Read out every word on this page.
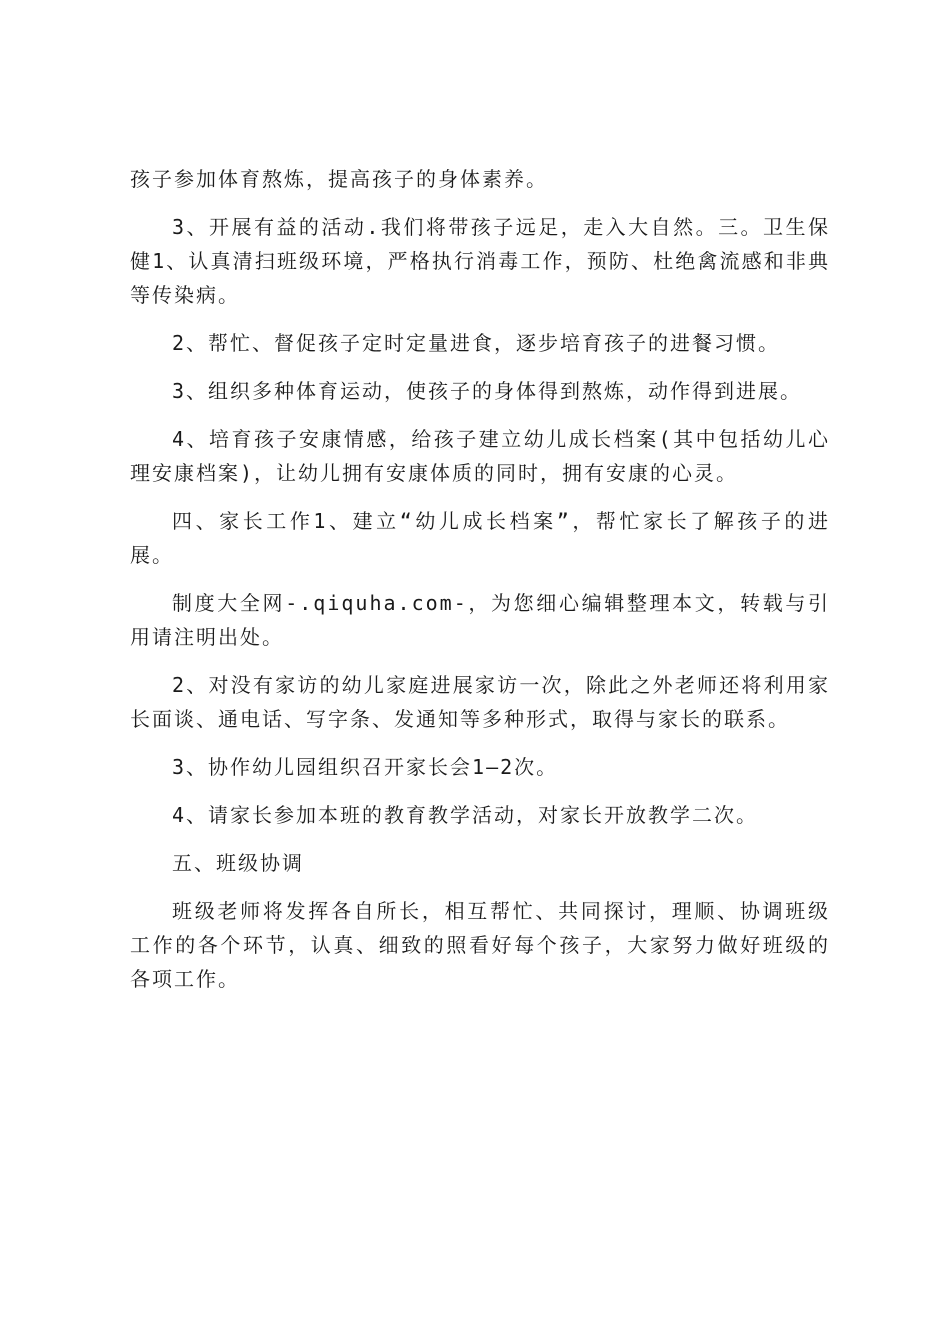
孩子参加体育熬炼，提高孩子的身体素养。

3、开展有益的活动.我们将带孩子远足，走入大自然。三。卫生保健1、认真清扫班级环境，严格执行消毒工作，预防、杜绝禽流感和非典等传染病。

2、帮忙、督促孩子定时定量进食，逐步培育孩子的进餐习惯。

3、组织多种体育运动，使孩子的身体得到熬炼，动作得到进展。

4、培育孩子安康情感，给孩子建立幼儿成长档案(其中包括幼儿心理安康档案)，让幼儿拥有安康体质的同时，拥有安康的心灵。

四、家长工作1、建立“幼儿成长档案”，帮忙家长了解孩子的进展。

制度大全网-.qiquha.com-，为您细心编辑整理本文，转载与引用请注明出处。

2、对没有家访的幼儿家庭进展家访一次，除此之外老师还将利用家长面谈、通电话、写字条、发通知等多种形式，取得与家长的联系。

3、协作幼儿园组织召开家长会1—2次。

4、请家长参加本班的教育教学活动，对家长开放教学二次。

五、班级协调

班级老师将发挥各自所长，相互帮忙、共同探讨，理顺、协调班级工作的各个环节，认真、细致的照看好每个孩子，大家努力做好班级的各项工作。
